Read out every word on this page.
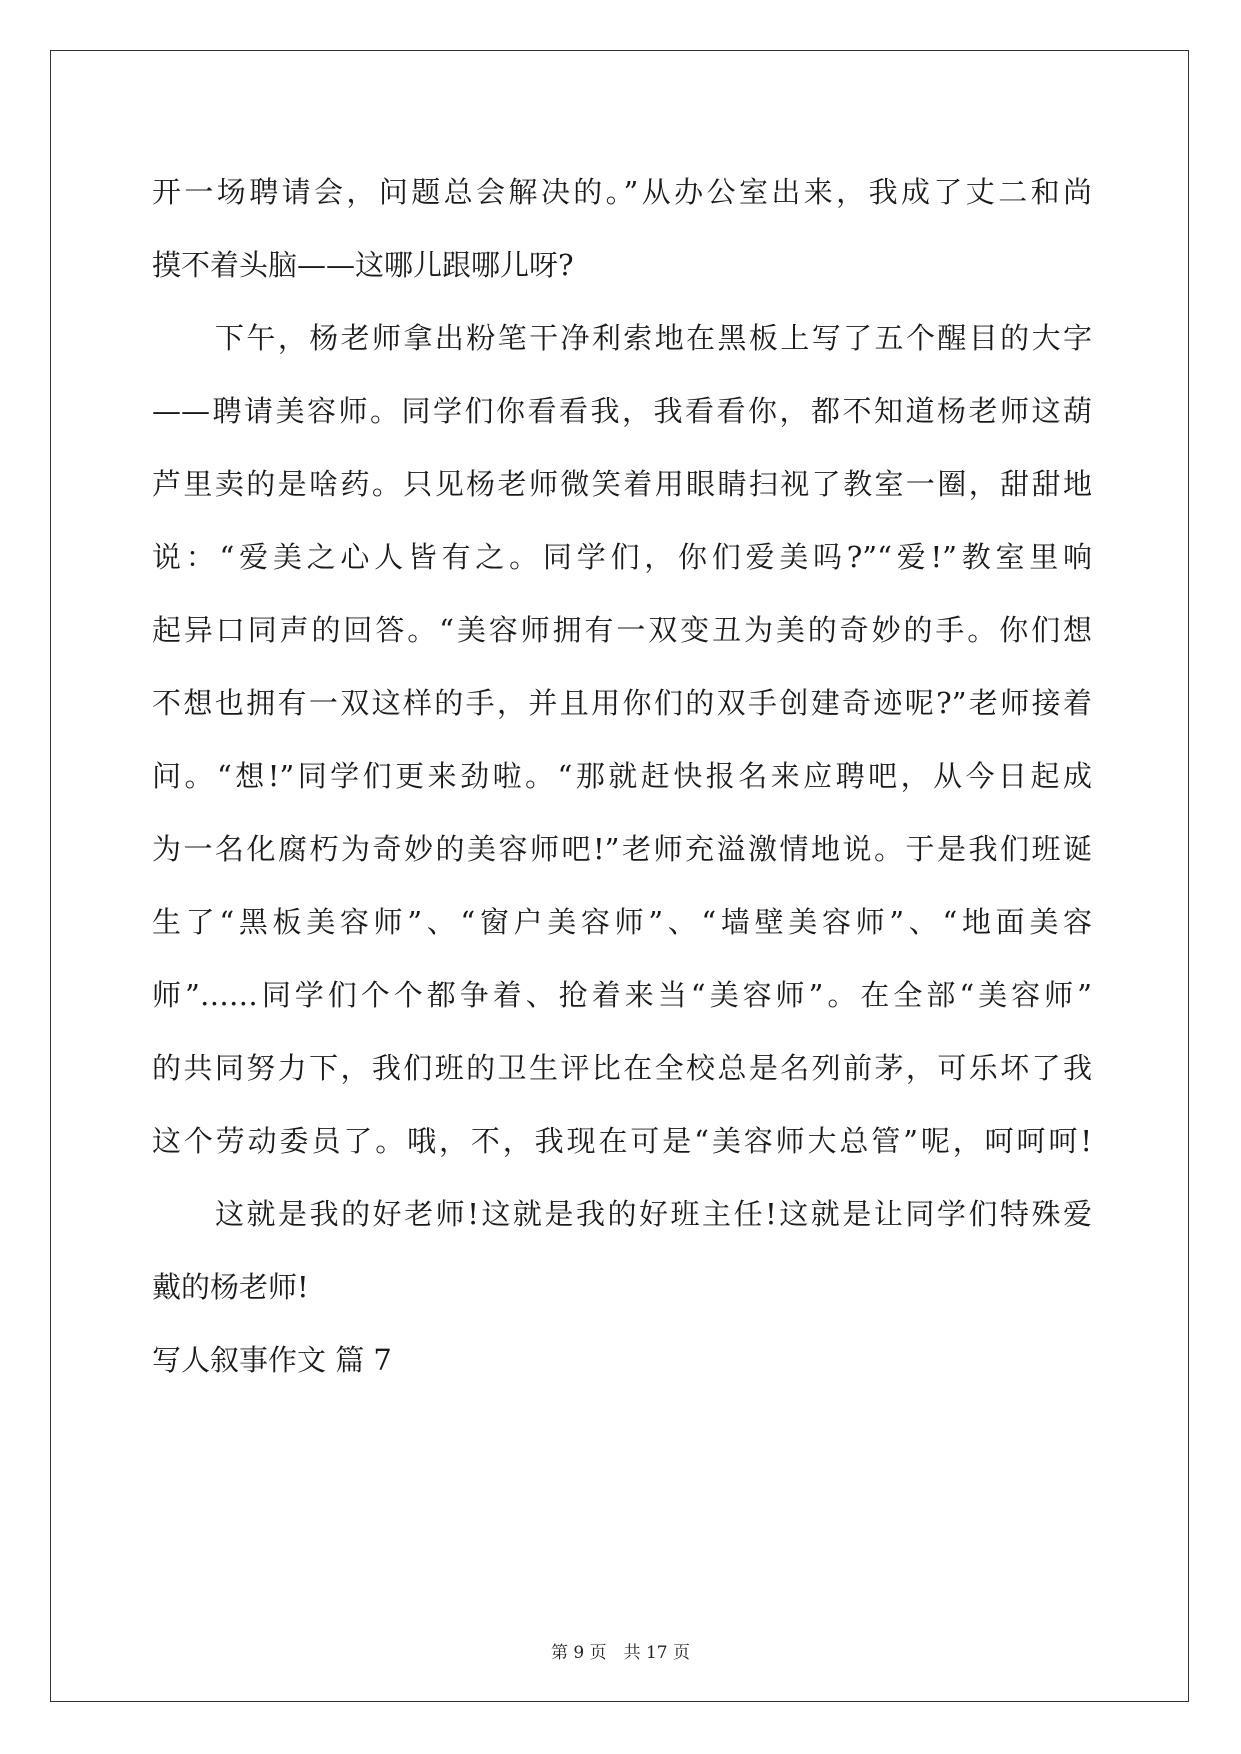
开一场聘请会，问题总会解决的。”从办公室出来，我成了丈二和尚
摸不着头脑——这哪儿跟哪儿呀?
下午，杨老师拿出粉笔干净利索地在黑板上写了五个醒目的大字
——聘请美容师。同学们你看看我，我看看你，都不知道杨老师这葫
芦里卖的是啥药。只见杨老师微笑着用眼睛扫视了教室一圈，甜甜地
说：“爱美之心人皆有之。同学们，你们爱美吗?”“爱!”教室里响
起异口同声的回答。“美容师拥有一双变丑为美的奇妙的手。你们想
不想也拥有一双这样的手，并且用你们的双手创建奇迹呢?”老师接着
问。“想!”同学们更来劲啦。“那就赶快报名来应聘吧，从今日起成
为一名化腐朽为奇妙的美容师吧!”老师充溢激情地说。于是我们班诞
生了“黑板美容师”、“窗户美容师”、“墙壁美容师”、“地面美容
师”……同学们个个都争着、抢着来当“美容师”。在全部“美容师”
的共同努力下，我们班的卫生评比在全校总是名列前茅，可乐坏了我
这个劳动委员了。哦，不，我现在可是“美容师大总管”呢，呵呵呵!
这就是我的好老师!这就是我的好班主任!这就是让同学们特殊爱
戴的杨老师!
写人叙事作文 篇 7
第 9 页　共 17 页
